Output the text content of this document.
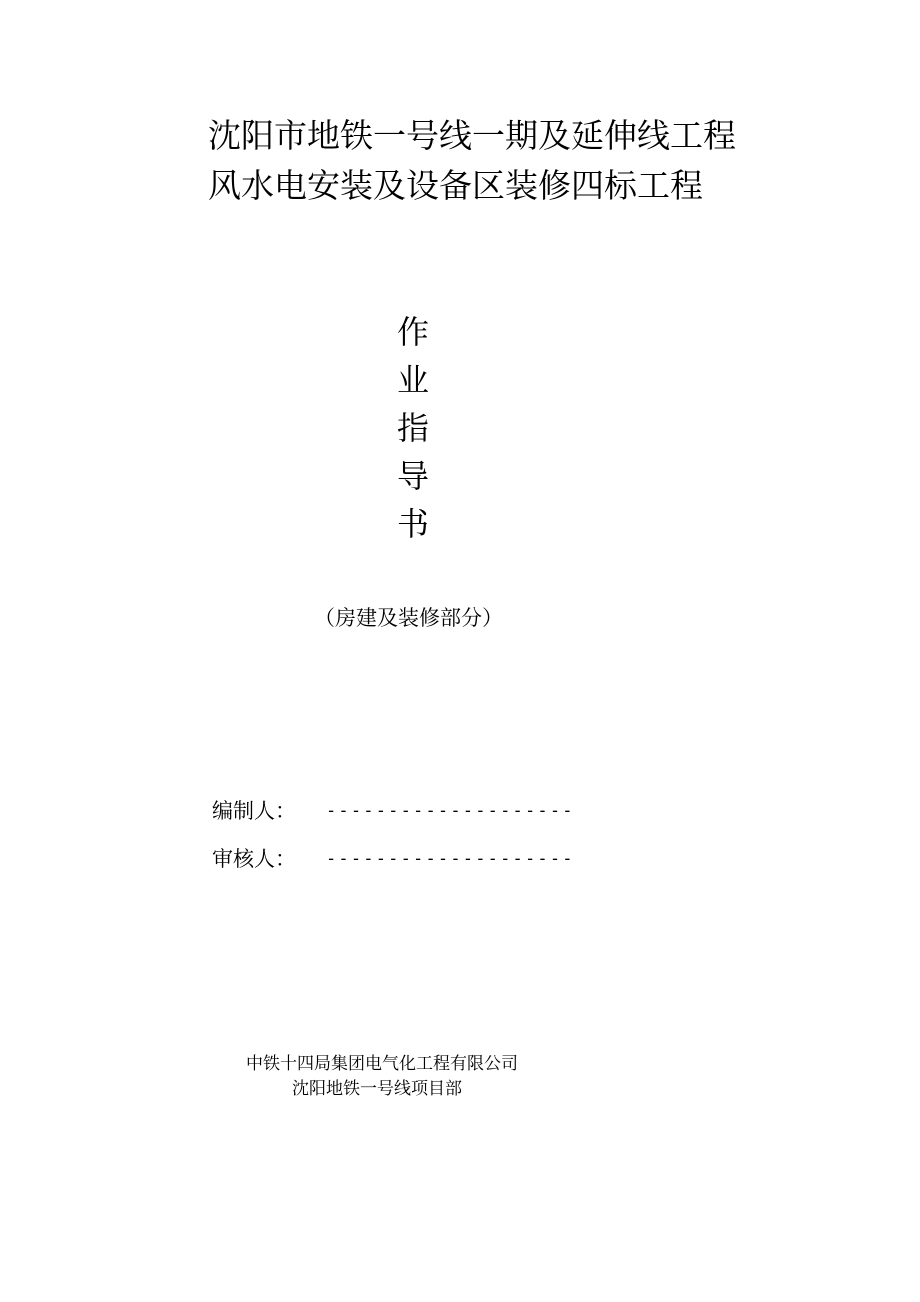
沈阳市地铁一号线一期及延伸线工程
风水电安装及设备区装修四标工程
作
业
指
导
书
（房建及装修部分）
编制人： --------------------
审核人： --------------------
中铁十四局集团电气化工程有限公司
沈阳地铁一号线项目部
